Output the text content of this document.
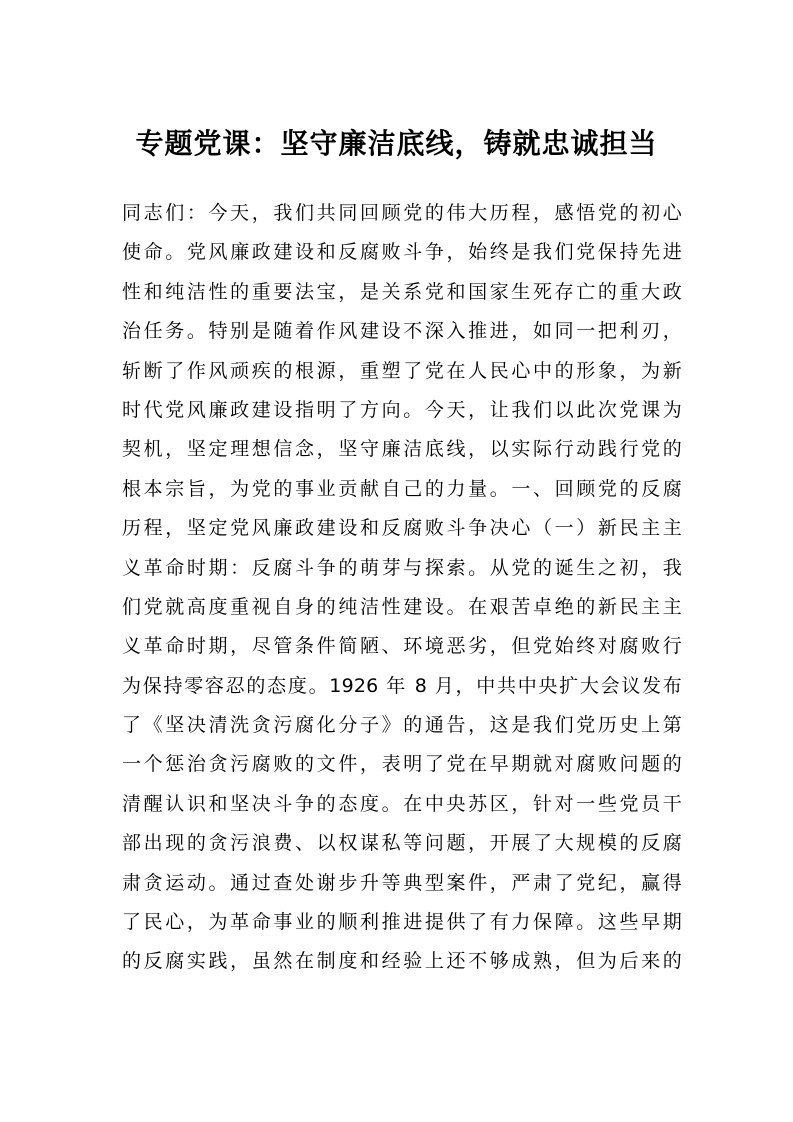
专题党课：坚守廉洁底线，铸就忠诚担当
同志们：今天，我们共同回顾党的伟大历程，感悟党的初心
使命。党风廉政建设和反腐败斗争，始终是我们党保持先进
性和纯洁性的重要法宝，是关系党和国家生死存亡的重大政
治任务。特别是随着作风建设不深入推进，如同一把利刃，
斩断了作风顽疾的根源，重塑了党在人民心中的形象，为新
时代党风廉政建设指明了方向。今天，让我们以此次党课为
契机，坚定理想信念，坚守廉洁底线，以实际行动践行党的
根本宗旨，为党的事业贡献自己的力量。一、回顾党的反腐
历程，坚定党风廉政建设和反腐败斗争决心（一）新民主主
义革命时期：反腐斗争的萌芽与探索。从党的诞生之初，我
们党就高度重视自身的纯洁性建设。在艰苦卓绝的新民主主
义革命时期，尽管条件简陋、环境恶劣，但党始终对腐败行
为保持零容忍的态度。1926 年 8 月，中共中央扩大会议发布
了《坚决清洗贪污腐化分子》的通告，这是我们党历史上第
一个惩治贪污腐败的文件，表明了党在早期就对腐败问题的
清醒认识和坚决斗争的态度。在中央苏区，针对一些党员干
部出现的贪污浪费、以权谋私等问题，开展了大规模的反腐
肃贪运动。通过查处谢步升等典型案件，严肃了党纪，赢得
了民心，为革命事业的顺利推进提供了有力保障。这些早期
的反腐实践，虽然在制度和经验上还不够成熟，但为后来的
